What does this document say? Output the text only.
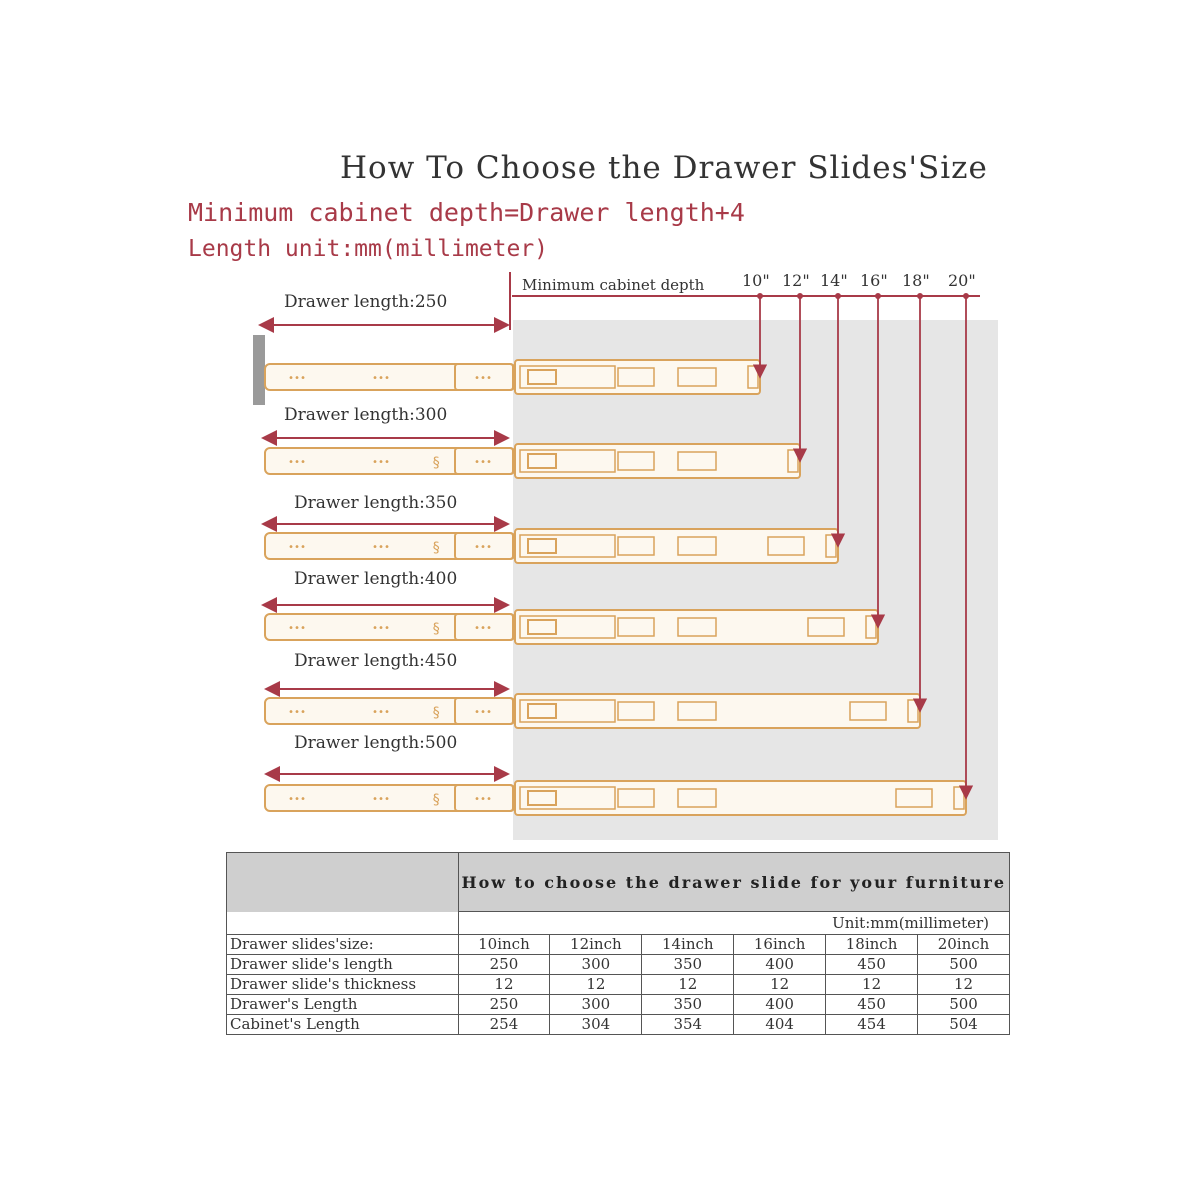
How To Choose the Drawer Slides'Size
Minimum cabinet depth=Drawer length+4
Length unit:mm(millimeter)
Minimum cabinet depth 10" 12" 14" 16" 18" 20"
Drawer length:250
•••	•••	•••
Drawer length:300
•••	•••	•••
§
Drawer length:350
•••	•••	•••
§
Drawer length:400
•••	•••	•••
§
Drawer length:450
•••	•••	•••
§
Drawer length:500
•••	•••	•••
§
	How to choose the drawer slide for your furniture					
	Unit:mm(millimeter)					
Drawer slides'size:	10inch	12inch	14inch	16inch	18inch	20inch
Drawer slide's length	250	300	350	400	450	500
Drawer slide's thickness	12	12	12	12	12	12
Drawer's Length	250	300	350	400	450	500
Cabinet's Length	254	304	354	404	454	504
